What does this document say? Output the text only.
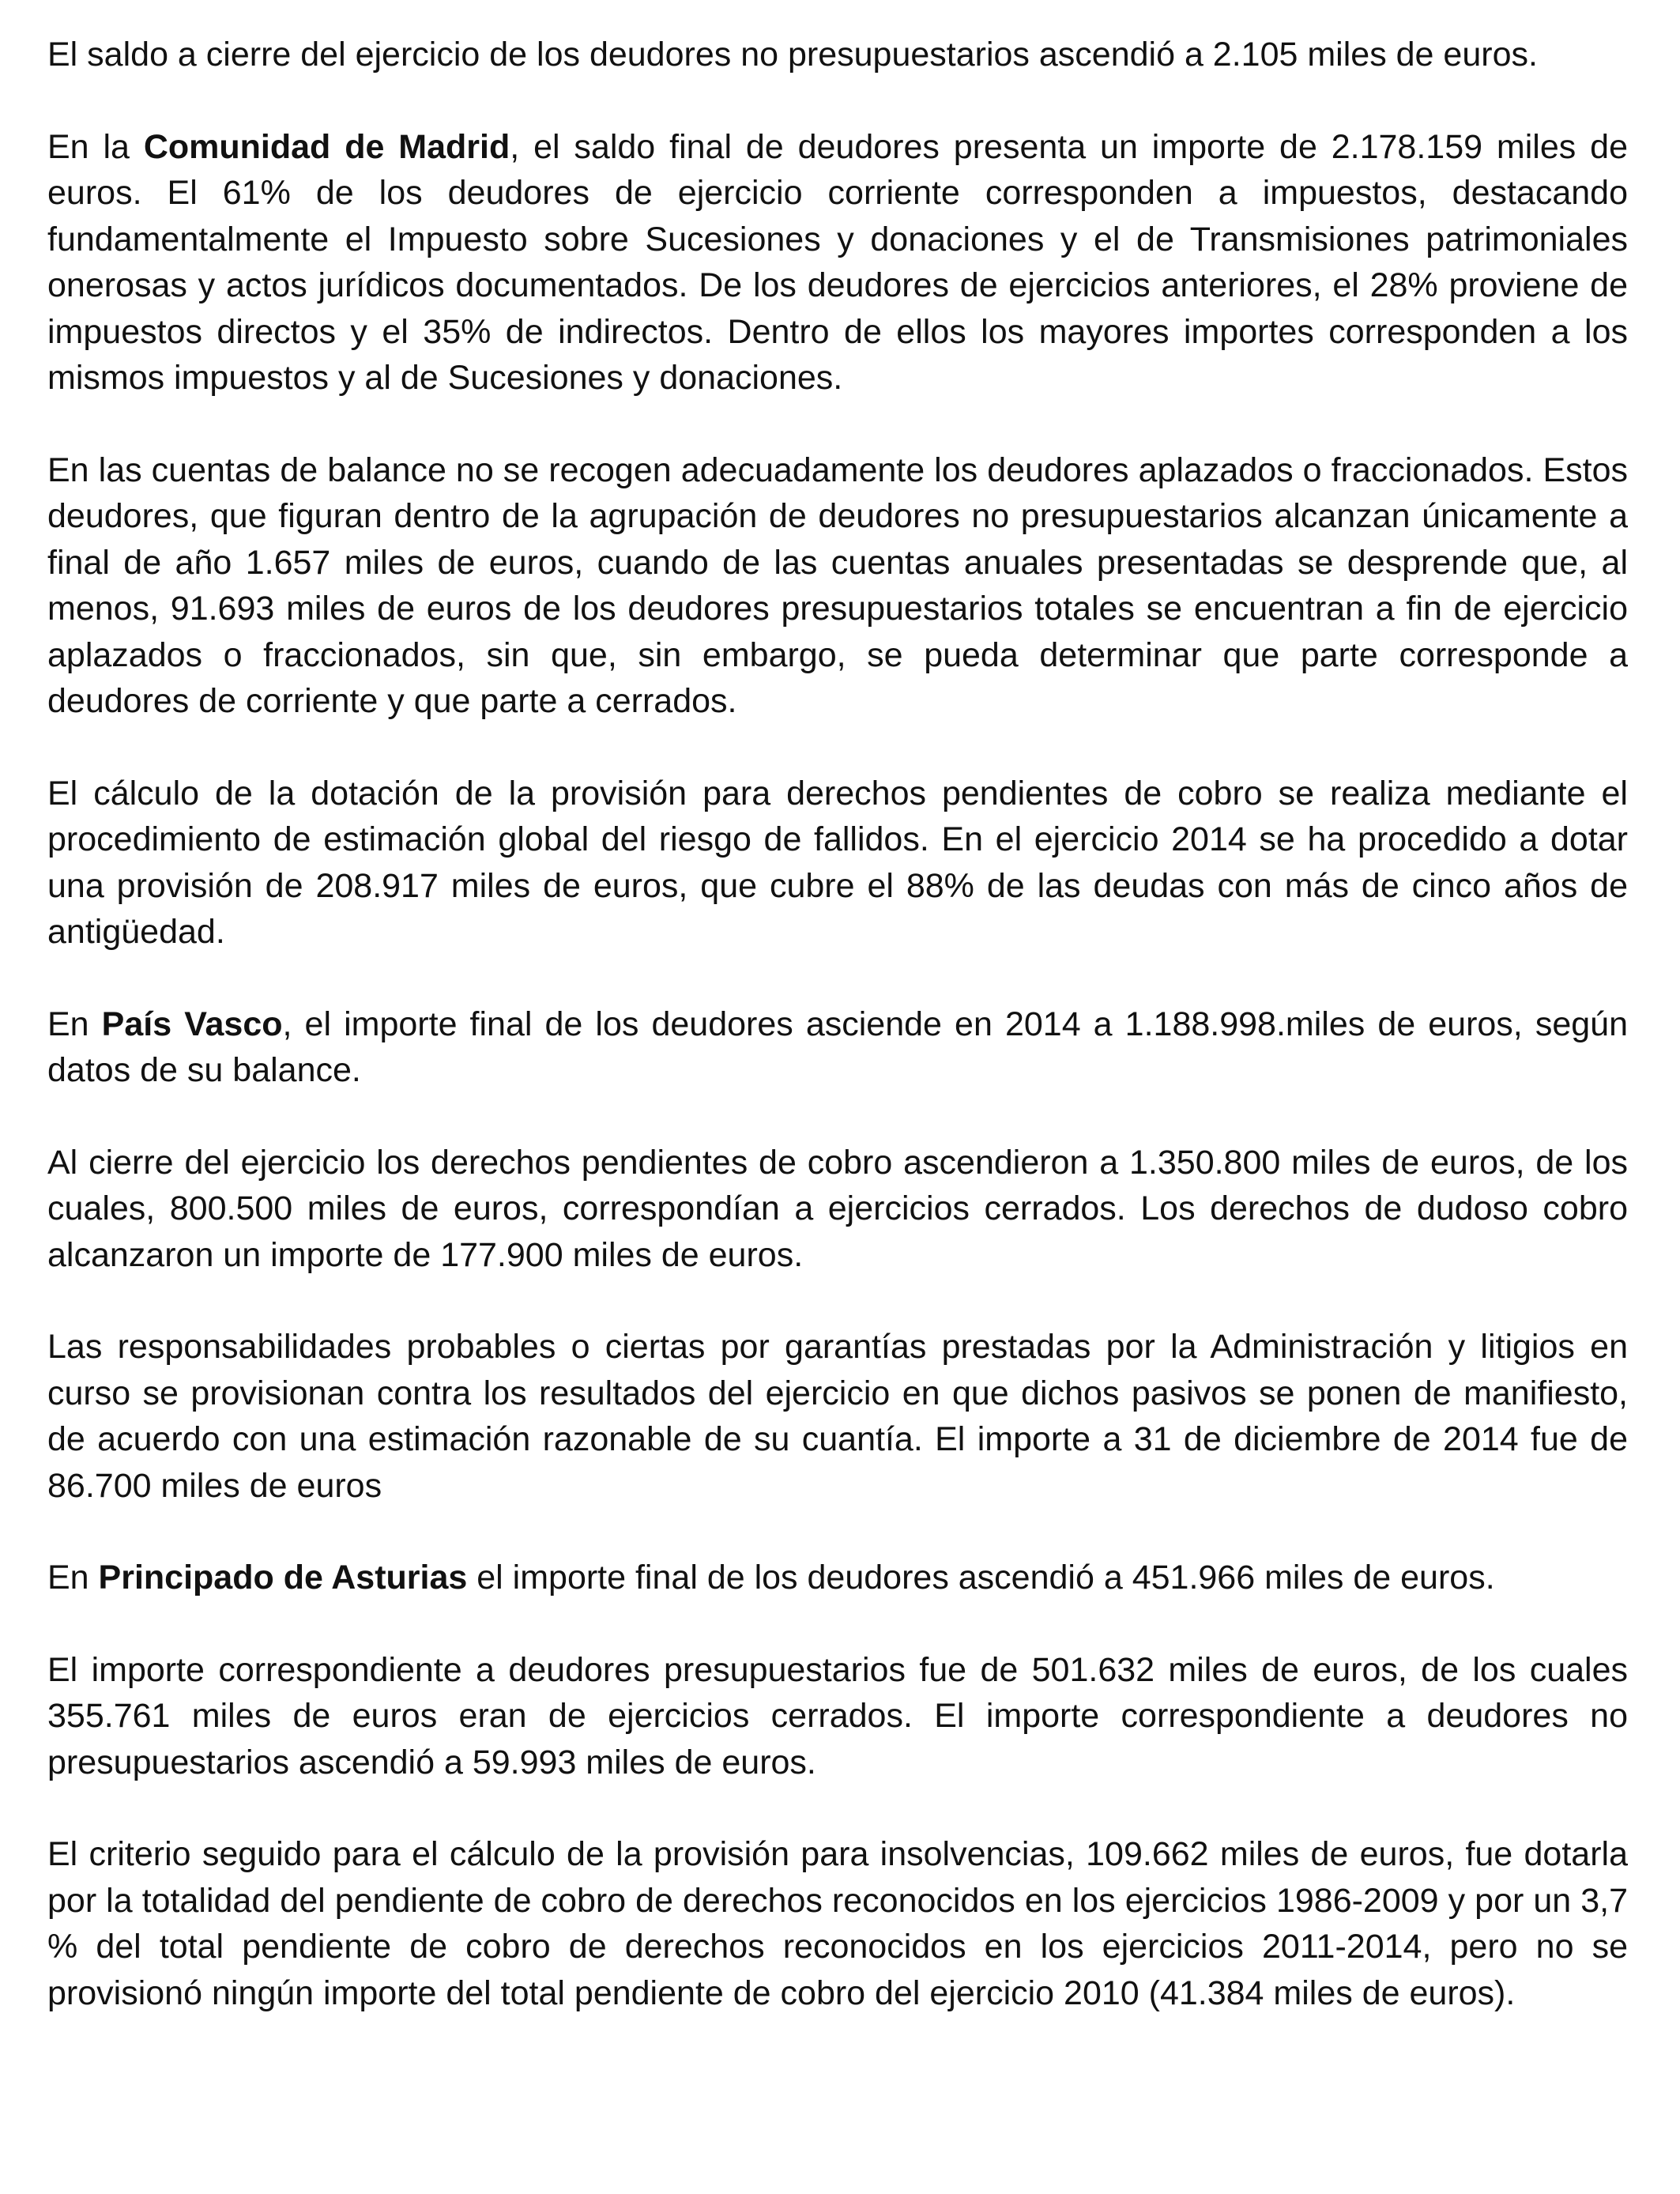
El saldo a cierre del ejercicio de los deudores no presupuestarios ascendió a 2.105 miles de euros.

En la Comunidad de Madrid, el saldo final de deudores presenta un importe de 2.178.159 miles de euros. El 61% de los deudores de ejercicio corriente corresponden a impuestos, destacando fundamentalmente el Impuesto sobre Sucesiones y donaciones y el de Transmisiones patrimoniales onerosas y actos jurídicos documentados. De los deudores de ejercicios anteriores, el 28% proviene de impuestos directos y el 35% de indirectos. Dentro de ellos los mayores importes corresponden a los mismos impuestos y al de Sucesiones y donaciones.

En las cuentas de balance no se recogen adecuadamente los deudores aplazados o fraccionados. Estos deudores, que figuran dentro de la agrupación de deudores no presupuestarios alcanzan únicamente a final de año 1.657 miles de euros, cuando de las cuentas anuales presentadas se desprende que, al menos, 91.693 miles de euros de los deudores presupuestarios totales se encuentran a fin de ejercicio aplazados o fraccionados, sin que, sin embargo, se pueda determinar que parte corresponde a deudores de corriente y que parte a cerrados.

El cálculo de la dotación de la provisión para derechos pendientes de cobro se realiza mediante el procedimiento de estimación global del riesgo de fallidos. En el ejercicio 2014 se ha procedido a dotar una provisión de 208.917 miles de euros, que cubre el 88% de las deudas con más de cinco años de antigüedad.

En País Vasco, el importe final de los deudores asciende en 2014 a 1.188.998.miles de euros, según datos de su balance.

Al cierre del ejercicio los derechos pendientes de cobro ascendieron a 1.350.800 miles de euros, de los cuales, 800.500 miles de euros, correspondían a ejercicios cerrados. Los derechos de dudoso cobro alcanzaron un importe de 177.900 miles de euros.

Las responsabilidades probables o ciertas por garantías prestadas por la Administración y litigios en curso se provisionan contra los resultados del ejercicio en que dichos pasivos se ponen de manifiesto, de acuerdo con una estimación razonable de su cuantía. El importe a 31 de diciembre de 2014 fue de 86.700 miles de euros

En Principado de Asturias el importe final de los deudores ascendió a 451.966 miles de euros.

El importe correspondiente a deudores presupuestarios fue de 501.632 miles de euros, de los cuales 355.761 miles de euros eran de ejercicios cerrados. El importe correspondiente a deudores no presupuestarios ascendió a 59.993 miles de euros.

El criterio seguido para el cálculo de la provisión para insolvencias, 109.662 miles de euros, fue dotarla por la totalidad del pendiente de cobro de derechos reconocidos en los ejercicios 1986-2009 y por un 3,7 % del total pendiente de cobro de derechos reconocidos en los ejercicios 2011-2014, pero no se provisionó ningún importe del total pendiente de cobro del ejercicio 2010 (41.384 miles de euros).
